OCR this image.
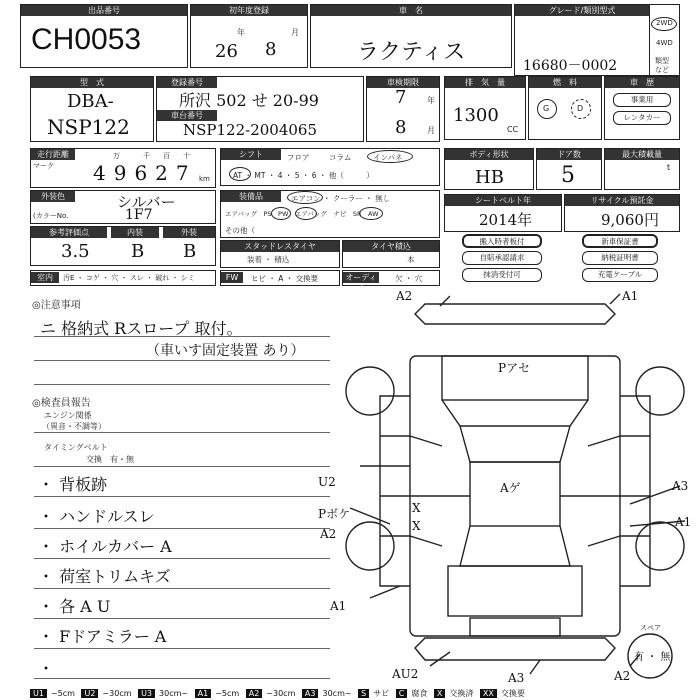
出品番号
CH0053
初年度登録
年	月
26 8
車　名
ラクティス
グレード/類別型式
16680－0002
2WD
4WD
類型
など
型　式
DBA-
NSP122
登録番号
所沢 502 せ 20-99
車台番号
NSP122-2004065
車検期限
年
月
7
8
排　気　量
1300
CC
燃　料
G	D
車　歴
事業用
レンタカー
走行距離
マーク
万	千 百 十
km
49627
シフト	フロア	コラム	インパネ
AT ・ MT ・ 4 ・ 5 ・ 6 ・ 他（　　　）
ボディ形状
HB
ドア数
5
最大積載量
t
外装色	シルバー
(カラーNo.	1F7
装備品	エアコン ・ クーラー ・ 無し
エアバッグ　PS　PW　エアバッグ　ナビ　SR　AW
その他（
シートベルト年
2014年
リサイクル預託金
9,060円
参考評価点	内装	外装
3.5 B B	スタッドレスタイヤ
装着 ・ 積込
タイヤ積込
本
搬入時者板付	新車保証書
自賠承認請求	納税証明書
抹消受付可	充電ケーブル
室内	汚E ・ コゲ ・ 穴 ・ スレ ・ 破れ ・ シミ	FW	ヒビ ・ A ・ 交換要	オーディオ
欠 ・ 穴
◎注意事項
ニ 格納式 Rスロープ 取付。
（車いす固定装置 あり）
◎検査員報告
エンジン関係
（異音・不調等）
タイミングベルト
交換　有・無
・ 背板跡
・ ハンドルスレ
・ ホイルカバー A
・ 荷室トリムキズ
・ 各 A U
・ Fドアミラー A
・
A2	A1
Pアセ
U2
Pボケ
A2
Aゲ	A3
A1
A1
AU2	A3	A2
X
X
スペア
有 ・ 無
U1 ~5cm U2 ~30cm U3 30cm~ A1 ~5cm A2 ~30cm A3 30cm~ S サビ C 腐食 X 交換済 XX 交換要
